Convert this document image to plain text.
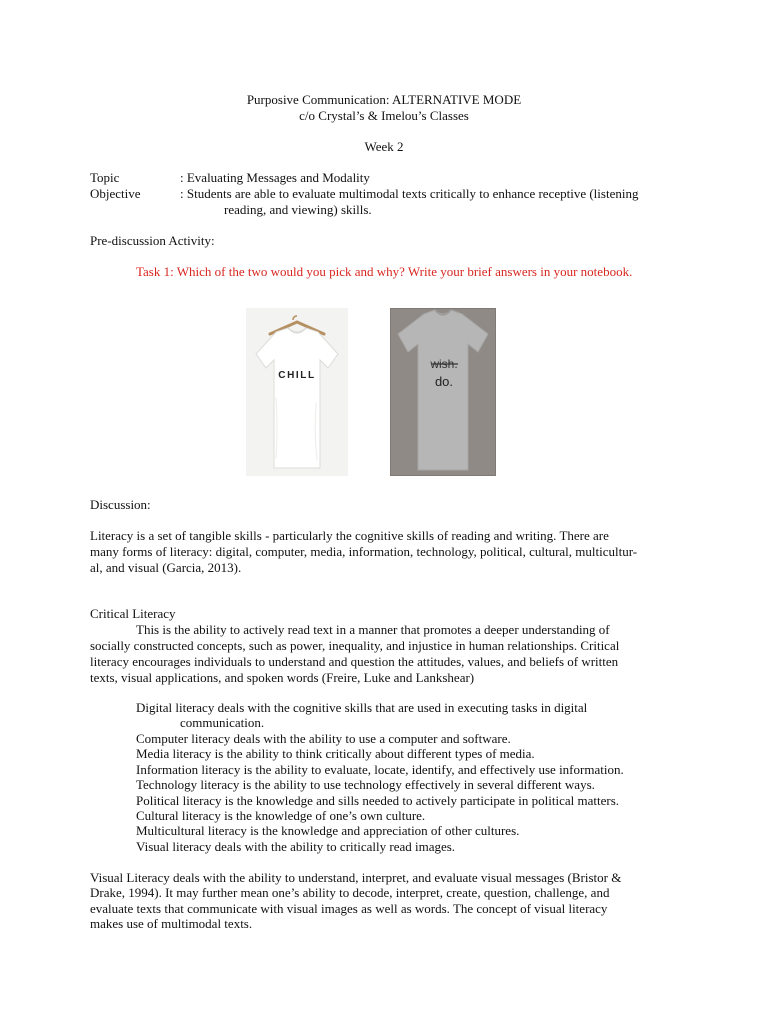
Purposive Communication: ALTERNATIVE MODE
c/o Crystal’s & Imelou’s Classes
Week 2
Topic	: Evaluating Messages and Modality
Objective	: Students are able to evaluate multimodal texts critically to enhance receptive (listening
reading, and viewing) skills.
Pre-discussion Activity:
Task 1: Which of the two would you pick and why? Write your brief answers in your notebook.
CHILL
wish.
do.
Discussion:
Literacy is a set of tangible skills - particularly the cognitive skills of reading and writing. There are
many forms of literacy: digital, computer, media, information, technology, political, cultural, multicultur-
al, and visual (Garcia, 2013).
Critical Literacy
This is the ability to actively read text in a manner that promotes a deeper understanding of
socially constructed concepts, such as power, inequality, and injustice in human relationships. Critical
literacy encourages individuals to understand and question the attitudes, values, and beliefs of written
texts, visual applications, and spoken words (Freire, Luke and Lankshear)
Digital literacy deals with the cognitive skills that are used in executing tasks in digital
communication.
Computer literacy deals with the ability to use a computer and software.
Media literacy is the ability to think critically about different types of media.
Information literacy is the ability to evaluate, locate, identify, and effectively use information.
Technology literacy is the ability to use technology effectively in several different ways.
Political literacy is the knowledge and sills needed to actively participate in political matters.
Cultural literacy is the knowledge of one’s own culture.
Multicultural literacy is the knowledge and appreciation of other cultures.
Visual literacy deals with the ability to critically read images.
Visual Literacy deals with the ability to understand, interpret, and evaluate visual messages (Bristor &
Drake, 1994). It may further mean one’s ability to decode, interpret, create, question, challenge, and
evaluate texts that communicate with visual images as well as words. The concept of visual literacy
makes use of multimodal texts.
